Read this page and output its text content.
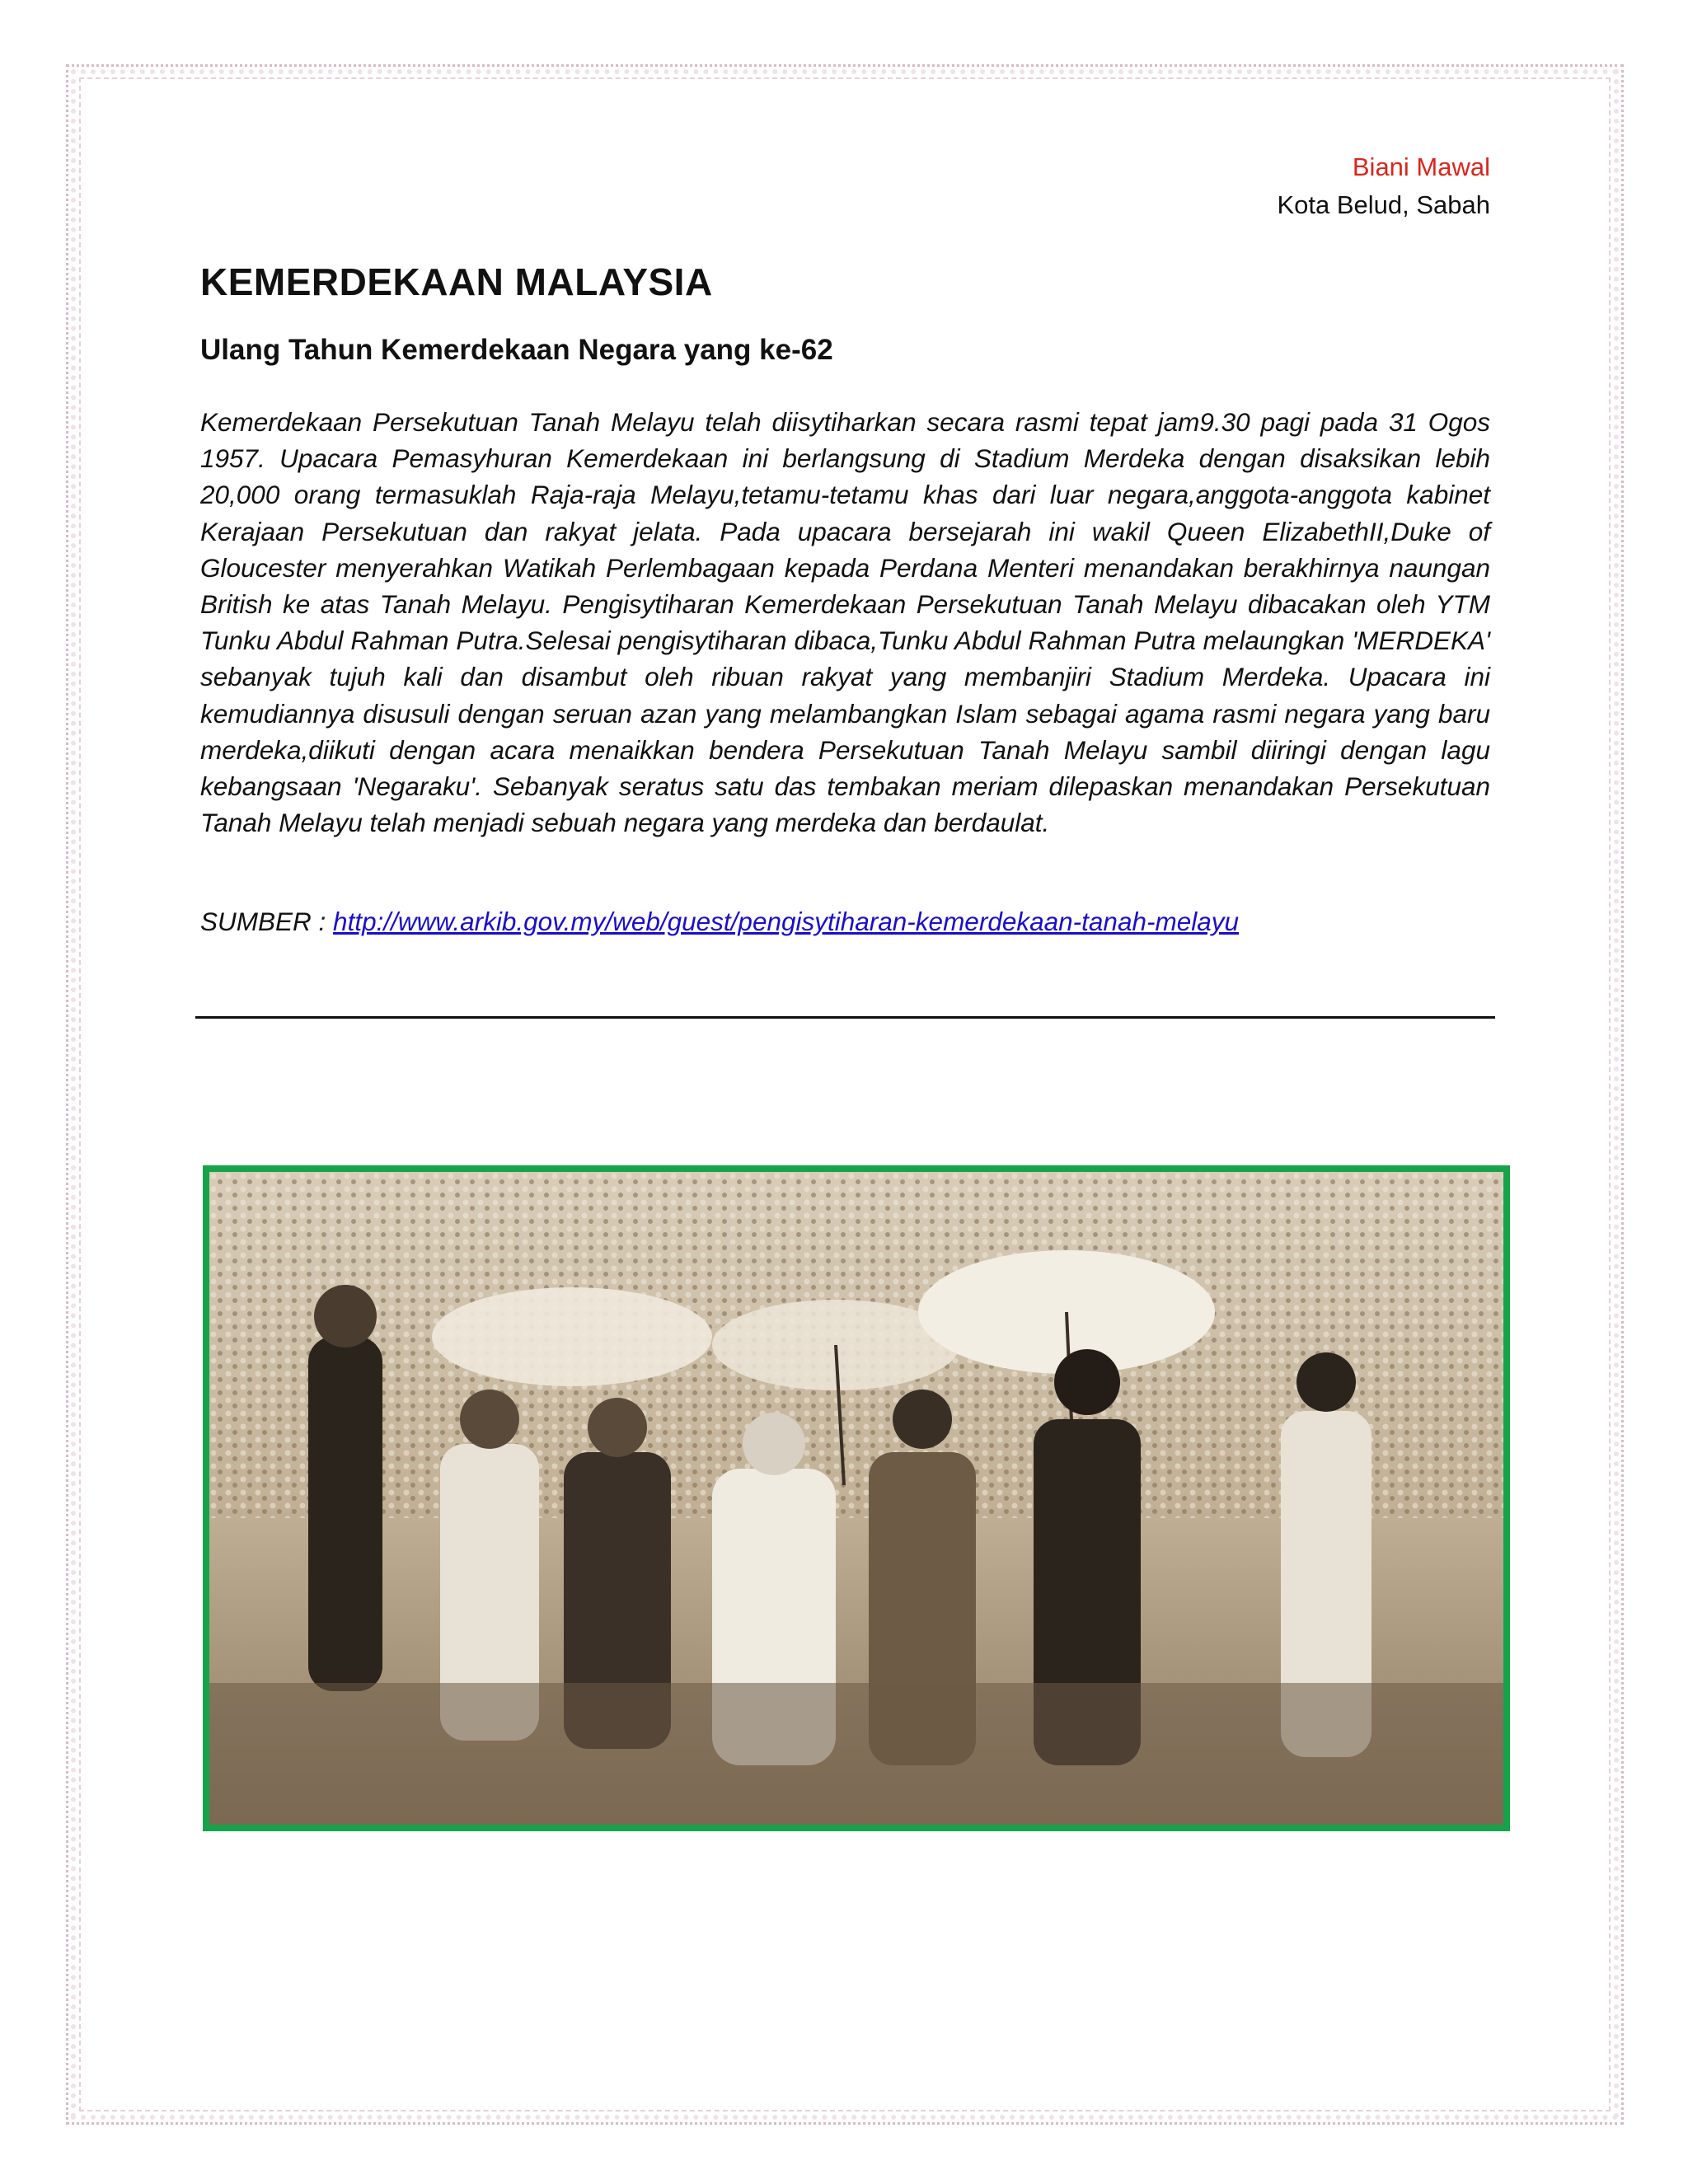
Biani Mawal
Kota Belud, Sabah
KEMERDEKAAN MALAYSIA
Ulang Tahun Kemerdekaan Negara yang ke-62

Kemerdekaan Persekutuan Tanah Melayu telah diisytiharkan secara rasmi tepat jam9.30 pagi pada 31 Ogos 1957. Upacara Pemasyhuran Kemerdekaan ini berlangsung di Stadium Merdeka dengan disaksikan lebih 20,000 orang termasuklah Raja-raja Melayu,tetamu-tetamu khas dari luar negara,anggota-anggota kabinet Kerajaan Persekutuan dan rakyat jelata. Pada upacara bersejarah ini wakil Queen ElizabethII,Duke of Gloucester menyerahkan Watikah Perlembagaan kepada Perdana Menteri menandakan berakhirnya naungan British ke atas Tanah Melayu. Pengisytiharan Kemerdekaan Persekutuan Tanah Melayu dibacakan oleh YTM Tunku Abdul Rahman Putra.Selesai pengisytiharan dibaca,Tunku Abdul Rahman Putra melaungkan 'MERDEKA' sebanyak tujuh kali dan disambut oleh ribuan rakyat yang membanjiri Stadium Merdeka. Upacara ini kemudiannya disusuli dengan seruan azan yang melambangkan Islam sebagai agama rasmi negara yang baru merdeka,diikuti dengan acara menaikkan bendera Persekutuan Tanah Melayu sambil diiringi dengan lagu kebangsaan 'Negaraku'. Sebanyak seratus satu das tembakan meriam dilepaskan menandakan Persekutuan Tanah Melayu telah menjadi sebuah negara yang merdeka dan berdaulat.

SUMBER : http://www.arkib.gov.my/web/guest/pengisytiharan-kemerdekaan-tanah-melayu
